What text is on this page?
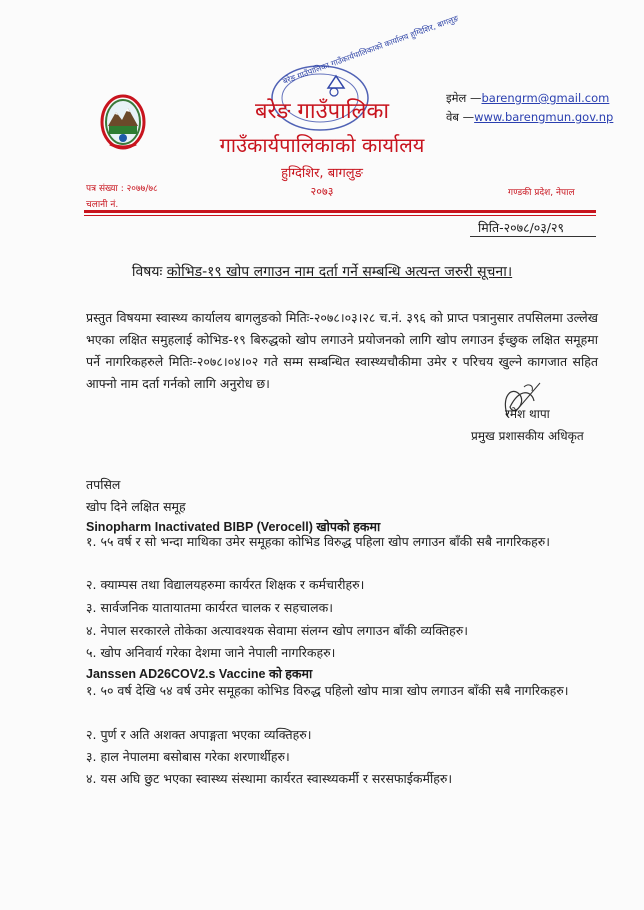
बरेङ गाउँपालिका गाउँकार्यपालिकाको कार्यालय हुग्दिशिर, बागलुङ
बरेङ गाउँपालिका
गाउँकार्यपालिकाको कार्यालय
हुग्दिशिर, बागलुङ
२०७३
इमेल —barengrm@gmail.com
वेब —www.barengmun.gov.np
पत्र संख्या : २०७७/७८
चलानी नं.
गण्डकी प्रदेश, नेपाल
मिति-२०७८/०३/२९
विषयः कोभिड-१९ खोप लगाउन नाम दर्ता गर्ने सम्बन्धि अत्यन्त जरुरी सूचना।
प्रस्तुत विषयमा स्वास्थ्य कार्यालय बागलुङको मितिः-२०७८।०३।२८ च.नं. ३९६ को प्राप्त पत्रानुसार तपसिलमा उल्लेख भएका लक्षित समुहलाई कोभिड-१९ बिरुद्धको खोप लगाउने प्रयोजनको लागि खोप लगाउन ईच्छुक लक्षित समूहमा पर्ने नागरिकहरुले मितिः-२०७८।०४।०२ गते सम्म सम्बन्धित स्वास्थ्यचौकीमा उमेर र परिचय खुल्ने कागजात सहित आफ्नो नाम दर्ता गर्नको लागि अनुरोध छ।
रमेश थापा
प्रमुख प्रशासकीय अधिकृत
तपसिल
खोप दिने लक्षित समूह
Sinopharm Inactivated BIBP (Verocell) खोपको हकमा
१. ५५ वर्ष र सो भन्दा माथिका उमेर समूहका कोभिड विरुद्ध पहिला खोप लगाउन बाँकी सबै नागरिकहरु।
२. क्याम्पस तथा विद्यालयहरुमा कार्यरत शिक्षक र कर्मचारीहरु।
३. सार्वजनिक यातायातमा कार्यरत चालक र सहचालक।
४. नेपाल सरकारले तोकेका अत्यावश्यक सेवामा संलग्न खोप लगाउन बाँकी व्यक्तिहरु।
५. खोप अनिवार्य गरेका देशमा जाने नेपाली नागरिकहरु।
Janssen AD26COV2.s Vaccine को हकमा
१. ५० वर्ष देखि ५४ वर्ष उमेर समूहका कोभिड विरुद्ध पहिलो खोप मात्रा खोप लगाउन बाँकी सबै नागरिकहरु।
२. पुर्ण र अति अशक्त अपाङ्गता भएका व्यक्तिहरु।
३. हाल नेपालमा बसोबास गरेका शरणार्थीहरु।
४. यस अघि छुट भएका स्वास्थ्य संस्थामा कार्यरत स्वास्थ्यकर्मी र सरसफाईकर्मीहरु।
